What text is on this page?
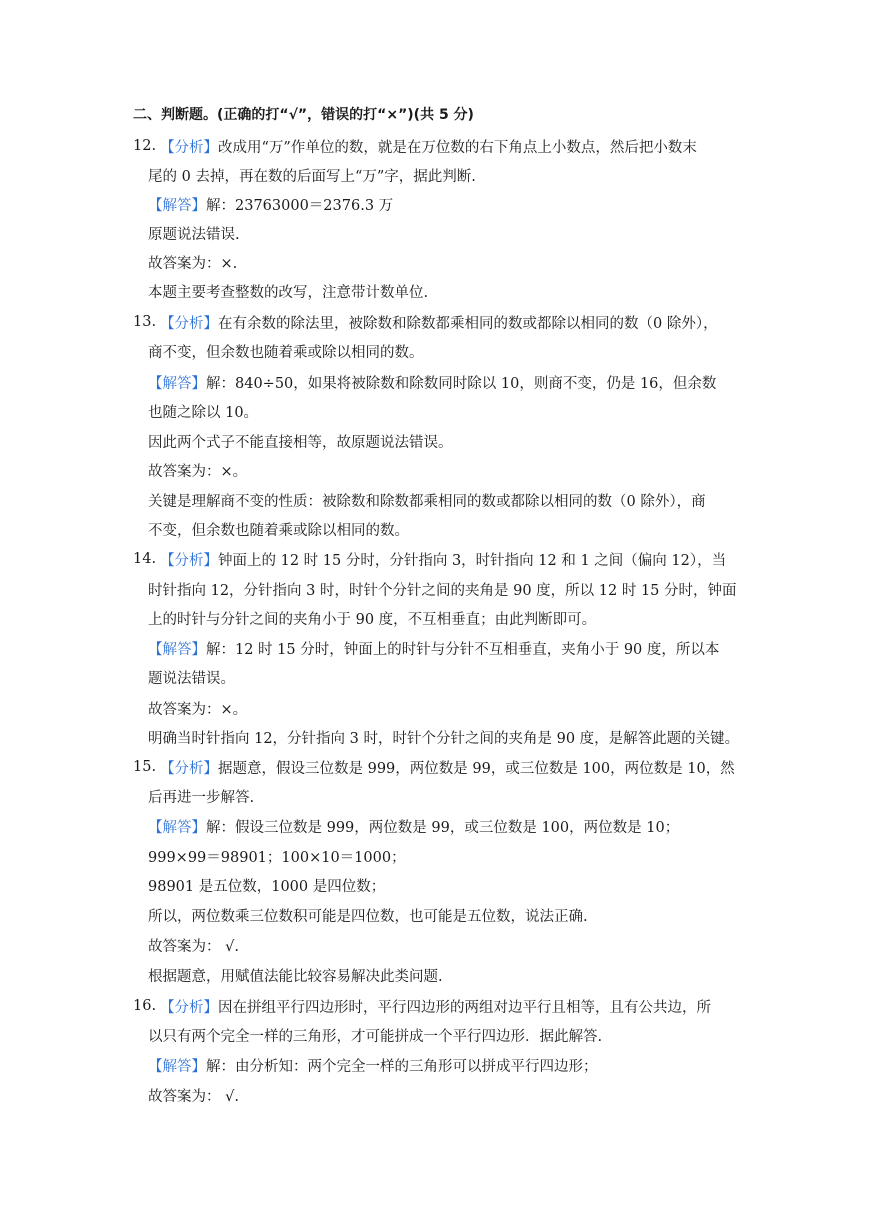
二、判断题。(正确的打“√”，错误的打“×”)(共 5 分)
12. 【分析】改成用“万”作单位的数，就是在万位数的右下角点上小数点，然后把小数末
尾的 0 去掉，再在数的后面写上“万”字，据此判断.
【解答】解：23763000＝2376.3 万
原题说法错误.
故答案为：×.
本题主要考查整数的改写，注意带计数单位.
13. 【分析】在有余数的除法里，被除数和除数都乘相同的数或都除以相同的数（0 除外），
商不变，但余数也随着乘或除以相同的数。
【解答】解：840÷50，如果将被除数和除数同时除以 10，则商不变，仍是 16，但余数
也随之除以 10。
因此两个式子不能直接相等，故原题说法错误。
故答案为：×。
关键是理解商不变的性质：被除数和除数都乘相同的数或都除以相同的数（0 除外），商
不变，但余数也随着乘或除以相同的数。
14. 【分析】钟面上的 12 时 15 分时，分针指向 3，时针指向 12 和 1 之间（偏向 12），当
时针指向 12，分针指向 3 时，时针个分针之间的夹角是 90 度，所以 12 时 15 分时，钟面
上的时针与分针之间的夹角小于 90 度，不互相垂直；由此判断即可。
【解答】解：12 时 15 分时，钟面上的时针与分针不互相垂直，夹角小于 90 度，所以本
题说法错误。
故答案为：×。
明确当时针指向 12，分针指向 3 时，时针个分针之间的夹角是 90 度，是解答此题的关键。
15. 【分析】据题意，假设三位数是 999，两位数是 99，或三位数是 100，两位数是 10，然
后再进一步解答.
【解答】解：假设三位数是 999，两位数是 99，或三位数是 100，两位数是 10；
999×99＝98901；100×10＝1000；
98901 是五位数，1000 是四位数；
所以，两位数乘三位数积可能是四位数，也可能是五位数，说法正确.
故答案为： √.
根据题意，用赋值法能比较容易解决此类问题.
16. 【分析】因在拼组平行四边形时，平行四边形的两组对边平行且相等，且有公共边，所
以只有两个完全一样的三角形，才可能拼成一个平行四边形．据此解答.
【解答】解：由分析知：两个完全一样的三角形可以拼成平行四边形；
故答案为： √.
